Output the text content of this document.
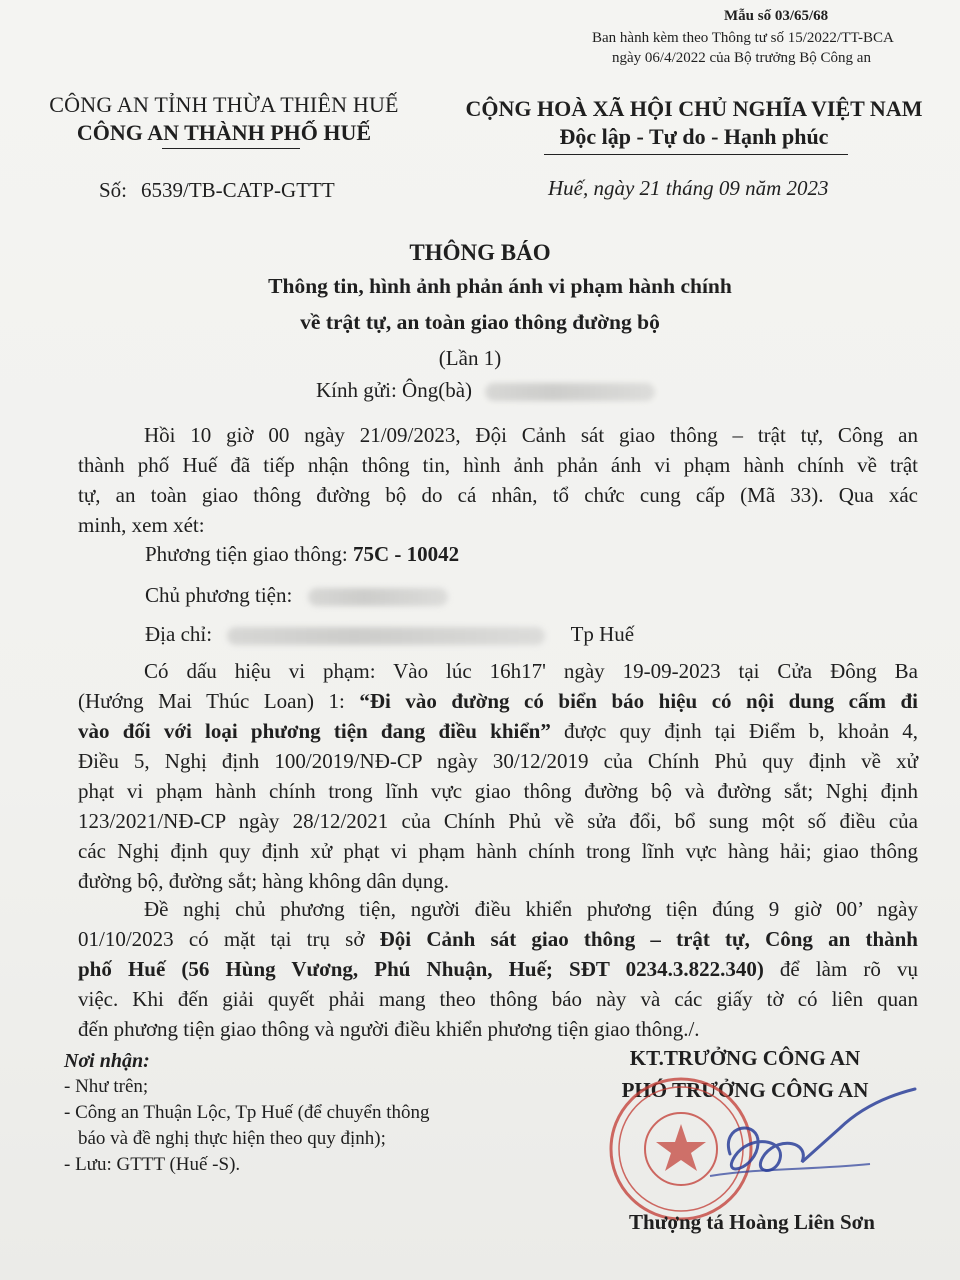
Mẫu số 03/65/68
Ban hành kèm theo Thông tư số 15/2022/TT-BCA
ngày 06/4/2022 của Bộ trưởng Bộ Công an
CÔNG AN TỈNH THỪA THIÊN HUẾ
CÔNG AN THÀNH PHỐ HUẾ
CỘNG HOÀ XÃ HỘI CHỦ NGHĨA VIỆT NAM
Độc lập - Tự do - Hạnh phúc
Số: 6539/TB-CATP-GTTT	Huế, ngày 21 tháng 09 năm 2023
THÔNG BÁO
Thông tin, hình ảnh phản ánh vi phạm hành chính
về trật tự, an toàn giao thông đường bộ
(Lần 1)
Kính gửi: Ông(bà)
Hồi 10 giờ 00 ngày 21/09/2023, Đội Cảnh sát giao thông – trật tự, Công an
thành phố Huế đã tiếp nhận thông tin, hình ảnh phản ánh vi phạm hành chính về trật
tự, an toàn giao thông đường bộ do cá nhân, tổ chức cung cấp (Mã 33). Qua xác
minh, xem xét:
Phương tiện giao thông: 75C - 10042
Chủ phương tiện:
Địa chỉ:	Tp Huế
Có dấu hiệu vi phạm: Vào lúc 16h17' ngày 19-09-2023 tại Cửa Đông Ba
(Hướng Mai Thúc Loan) 1: “Đi vào đường có biển báo hiệu có nội dung cấm đi
vào đối với loại phương tiện đang điều khiển” được quy định tại Điểm b, khoản 4,
Điều 5, Nghị định 100/2019/NĐ-CP ngày 30/12/2019 của Chính Phủ quy định về xử
phạt vi phạm hành chính trong lĩnh vực giao thông đường bộ và đường sắt; Nghị định
123/2021/NĐ-CP ngày 28/12/2021 của Chính Phủ về sửa đổi, bổ sung một số điều của
các Nghị định quy định xử phạt vi phạm hành chính trong lĩnh vực hàng hải; giao thông
đường bộ, đường sắt; hàng không dân dụng.
Đề nghị chủ phương tiện, người điều khiển phương tiện đúng 9 giờ 00’ ngày
01/10/2023 có mặt tại trụ sở Đội Cảnh sát giao thông – trật tự, Công an thành
phố Huế (56 Hùng Vương, Phú Nhuận, Huế; SĐT 0234.3.822.340) để làm rõ vụ
việc. Khi đến giải quyết phải mang theo thông báo này và các giấy tờ có liên quan
đến phương tiện giao thông và người điều khiển phương tiện giao thông./.
Nơi nhận:
- Như trên;
- Công an Thuận Lộc, Tp Huế (để chuyển thông
báo và đề nghị thực hiện theo quy định);
- Lưu: GTTT (Huế -S).
KT.TRƯỞNG CÔNG AN
PHÓ TRƯỞNG CÔNG AN
Thượng tá Hoàng Liên Sơn
